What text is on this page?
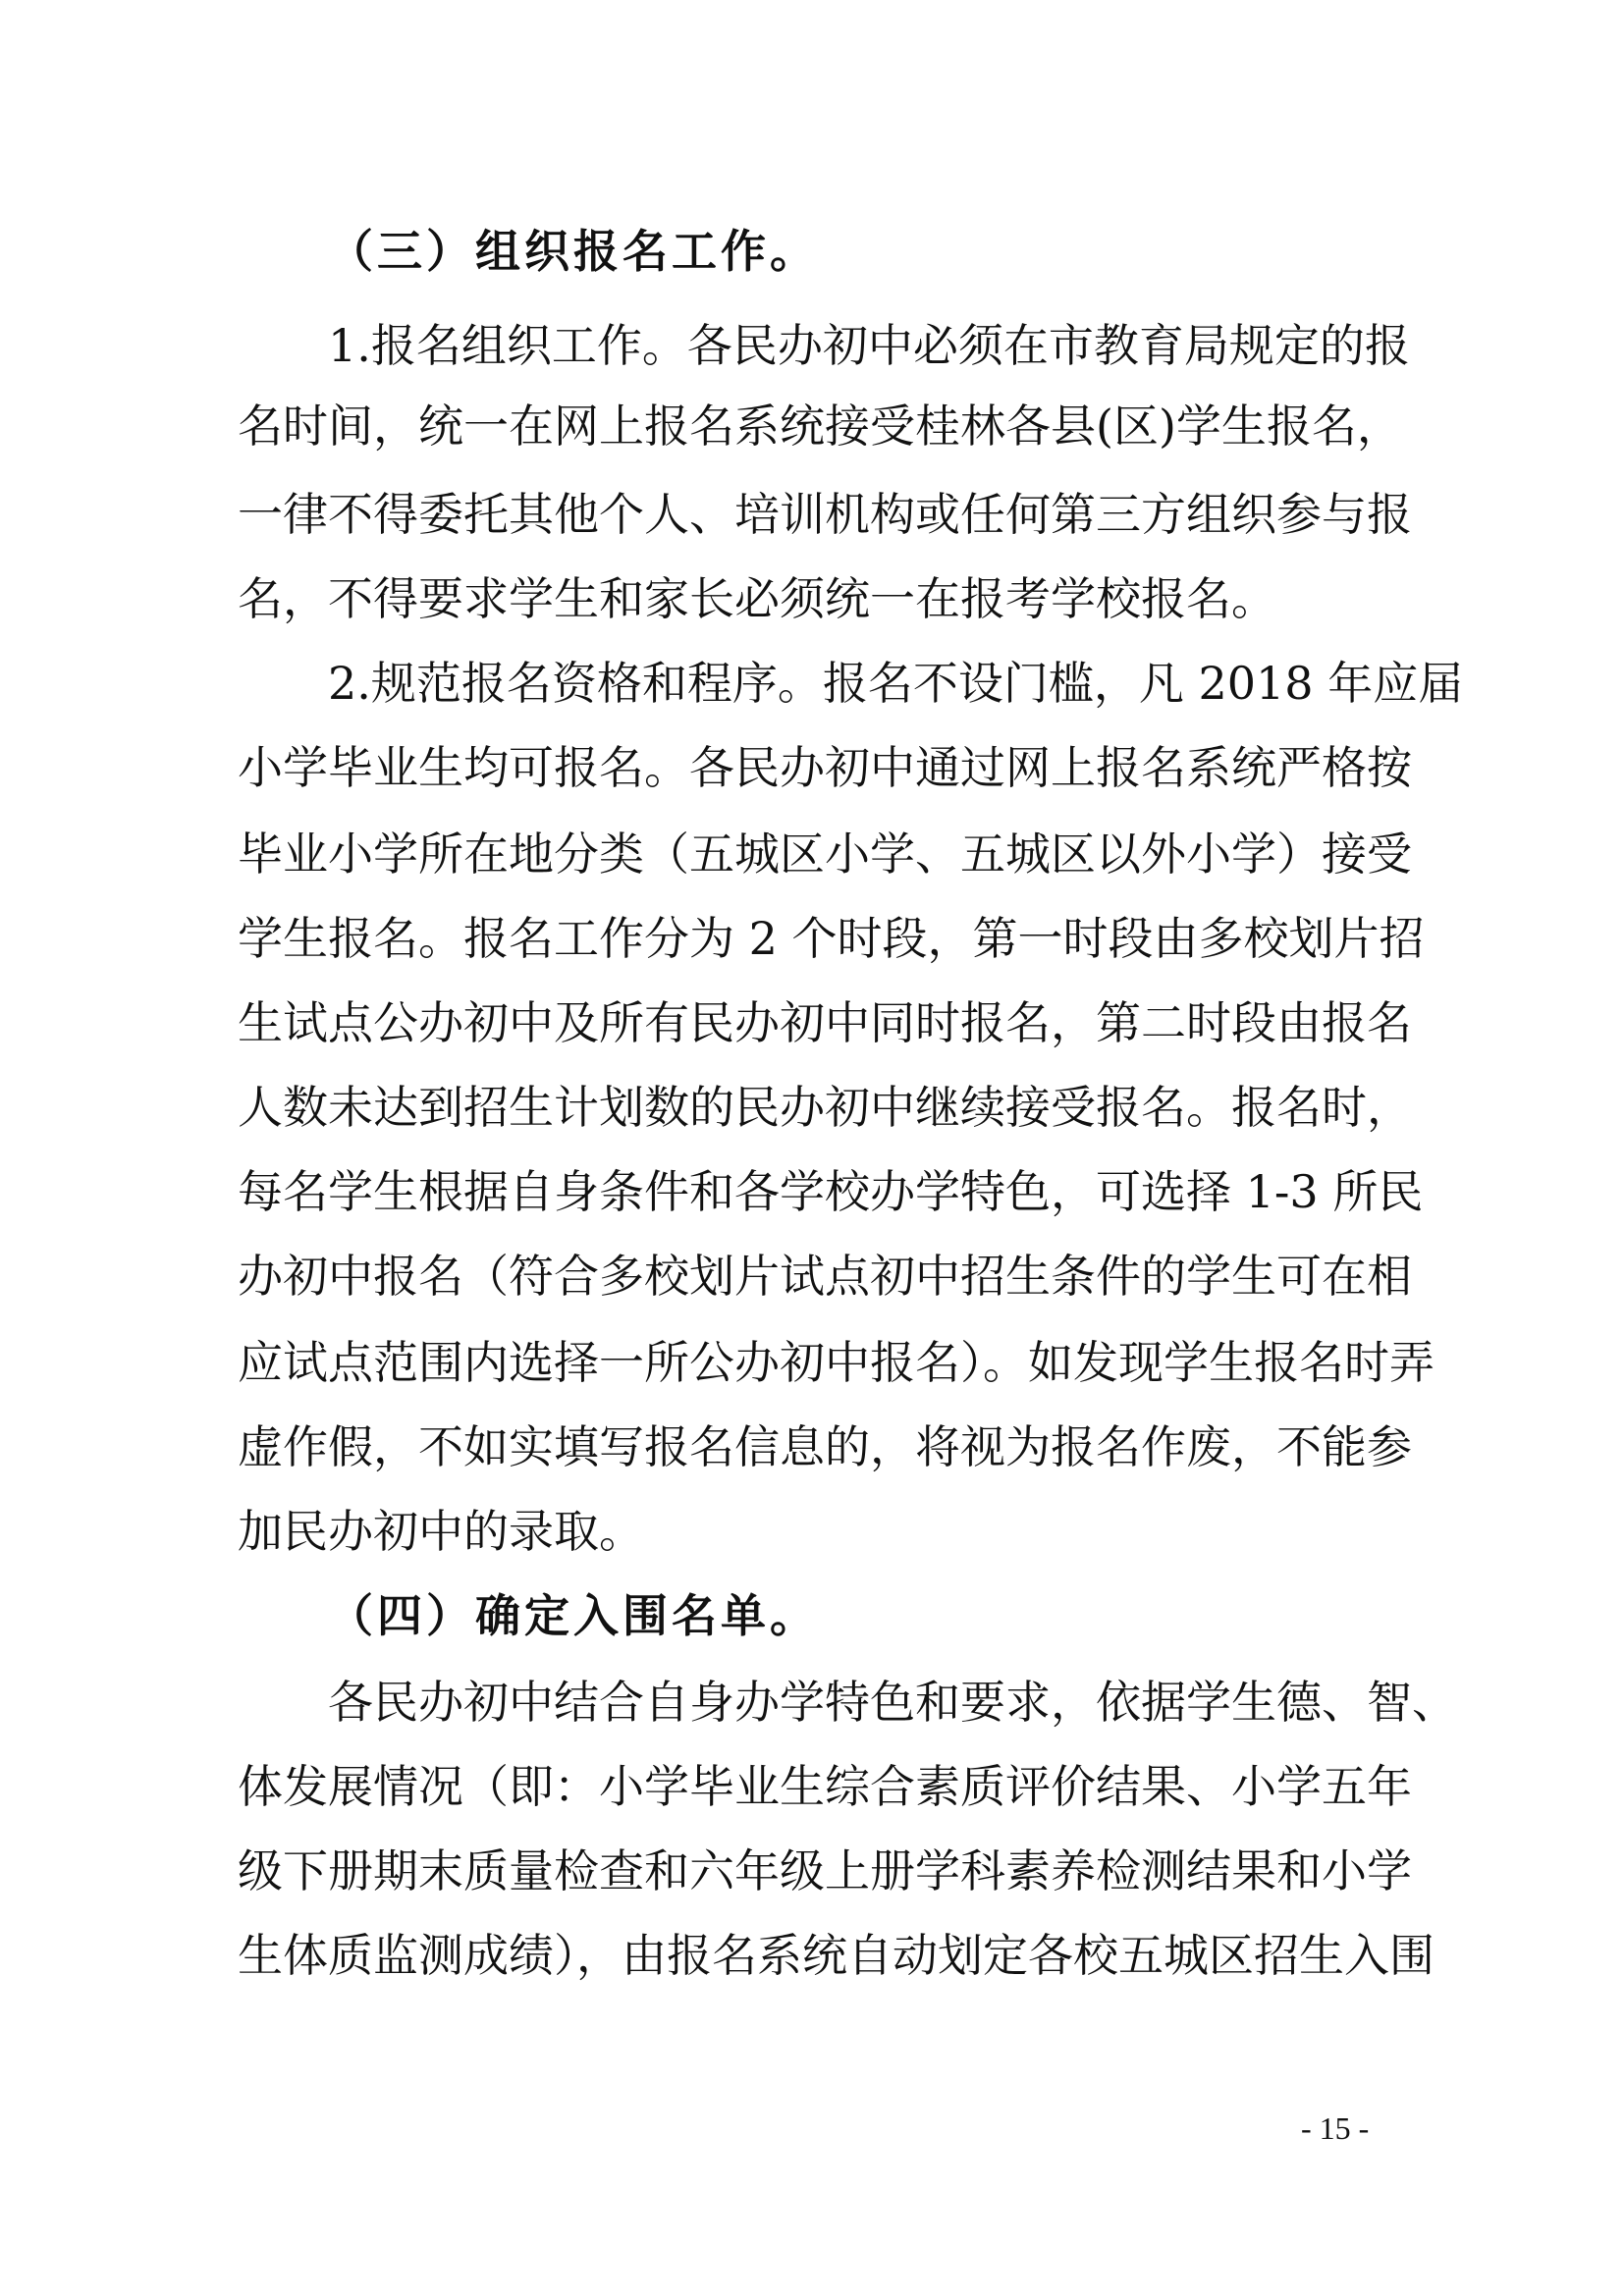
（三）组织报名工作。
1.报名组织工作。各民办初中必须在市教育局规定的报
名时间，统一在网上报名系统接受桂林各县(区)学生报名，
一律不得委托其他个人、培训机构或任何第三方组织参与报
名，不得要求学生和家长必须统一在报考学校报名。
2.规范报名资格和程序。报名不设门槛，凡 2018 年应届
小学毕业生均可报名。各民办初中通过网上报名系统严格按
毕业小学所在地分类（五城区小学、五城区以外小学）接受
学生报名。报名工作分为 2 个时段，第一时段由多校划片招
生试点公办初中及所有民办初中同时报名，第二时段由报名
人数未达到招生计划数的民办初中继续接受报名。报名时，
每名学生根据自身条件和各学校办学特色，可选择 1-3 所民
办初中报名（符合多校划片试点初中招生条件的学生可在相
应试点范围内选择一所公办初中报名）。如发现学生报名时弄
虚作假，不如实填写报名信息的，将视为报名作废，不能参
加民办初中的录取。
（四）确定入围名单。
各民办初中结合自身办学特色和要求，依据学生德、智、
体发展情况（即：小学毕业生综合素质评价结果、小学五年
级下册期末质量检查和六年级上册学科素养检测结果和小学
生体质监测成绩），由报名系统自动划定各校五城区招生入围
- 15 -
